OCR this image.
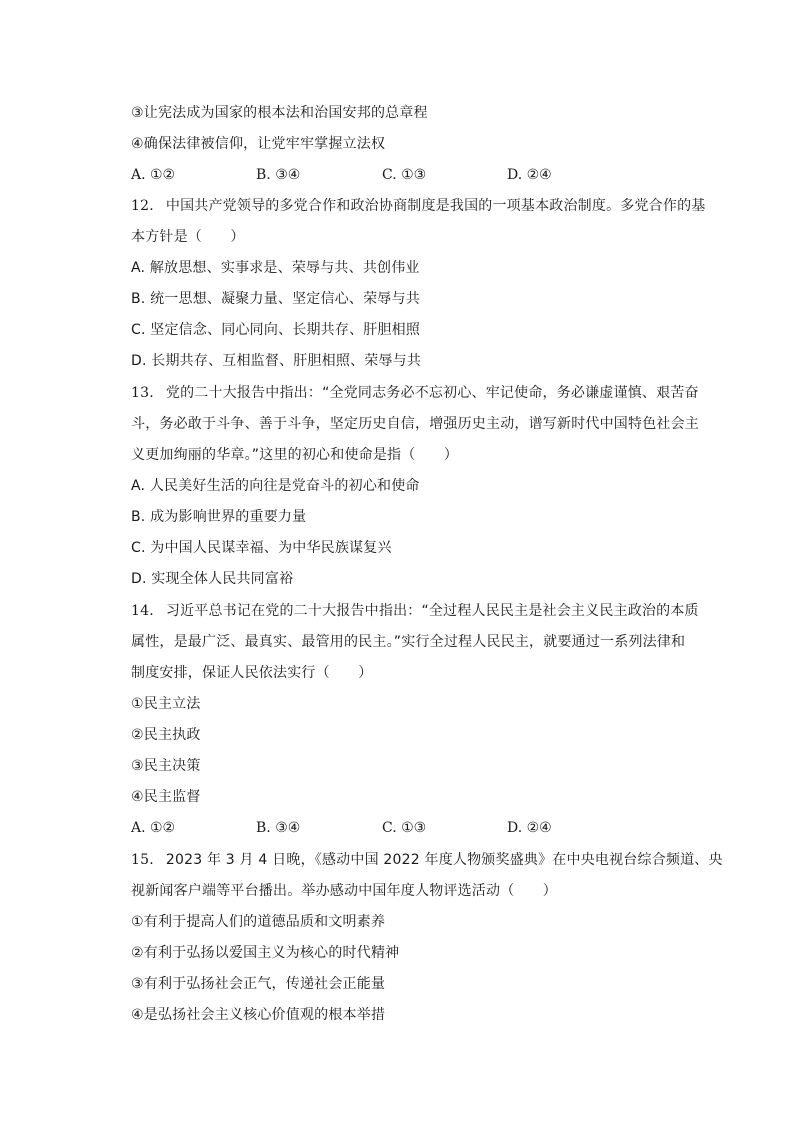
③让宪法成为国家的根本法和治国安邦的总章程
④确保法律被信仰，让党牢牢掌握立法权
A. ①②	B. ③④	C. ①③	D. ②④
12. 中国共产党领导的多党合作和政治协商制度是我国的一项基本政治制度。多党合作的基
本方针是（　　）
A. 解放思想、实事求是、荣辱与共、共创伟业
B. 统一思想、凝聚力量、坚定信心、荣辱与共
C. 坚定信念、同心同向、长期共存、肝胆相照
D. 长期共存、互相监督、肝胆相照、荣辱与共
13. 党的二十大报告中指出：“全党同志务必不忘初心、牢记使命，务必谦虚谨慎、艰苦奋
斗，务必敢于斗争、善于斗争，坚定历史自信，增强历史主动，谱写新时代中国特色社会主
义更加绚丽的华章。”这里的初心和使命是指（　　）
A. 人民美好生活的向往是党奋斗的初心和使命
B. 成为影响世界的重要力量
C. 为中国人民谋幸福、为中华民族谋复兴
D. 实现全体人民共同富裕
14. 习近平总书记在党的二十大报告中指出：“全过程人民民主是社会主义民主政治的本质
属性，是最广泛、最真实、最管用的民主。”实行全过程人民民主，就要通过一系列法律和
制度安排，保证人民依法实行（　　）
①民主立法
②民主执政
③民主决策
④民主监督
A. ①②	B. ③④	C. ①③	D. ②④
15. 2023 年 3 月 4 日晚，《感动中国 2022 年度人物颁奖盛典》在中央电视台综合频道、央
视新闻客户端等平台播出。举办感动中国年度人物评选活动（　　）
①有利于提高人们的道德品质和文明素养
②有利于弘扬以爱国主义为核心的时代精神
③有利于弘扬社会正气，传递社会正能量
④是弘扬社会主义核心价值观的根本举措
